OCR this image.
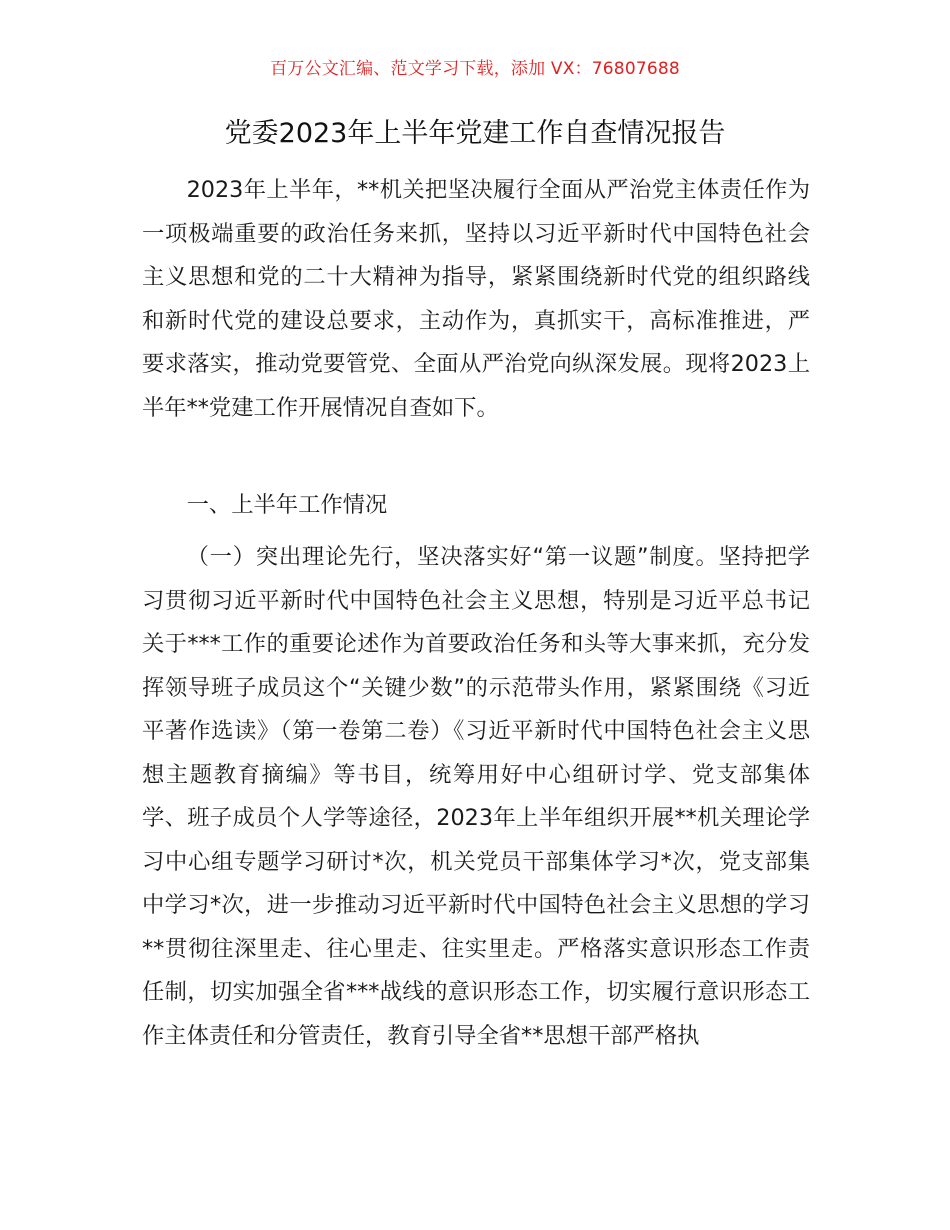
百万公文汇编、范文学习下载，添加 VX：76807688
党委2023年上半年党建工作自查情况报告

2023年上半年，**机关把坚决履行全面从严治党主体责任作为一项极端重要的政治任务来抓，坚持以习近平新时代中国特色社会主义思想和党的二十大精神为指导，紧紧围绕新时代党的组织路线和新时代党的建设总要求，主动作为，真抓实干，高标准推进，严要求落实，推动党要管党、全面从严治党向纵深发展。现将2023上半年**党建工作开展情况自查如下。

一、上半年工作情况

（一）突出理论先行，坚决落实好“第一议题”制度。坚持把学习贯彻习近平新时代中国特色社会主义思想，特别是习近平总书记关于***工作的重要论述作为首要政治任务和头等大事来抓，充分发挥领导班子成员这个“关键少数”的示范带头作用，紧紧围绕《习近平著作选读》（第一卷第二卷）《习近平新时代中国特色社会主义思想主题教育摘编》等书目，统筹用好中心组研讨学、党支部集体学、班子成员个人学等途径，2023年上半年组织开展**机关理论学习中心组专题学习研讨*次，机关党员干部集体学习*次，党支部集中学习*次，进一步推动习近平新时代中国特色社会主义思想的学习**贯彻往深里走、往心里走、往实里走。严格落实意识形态工作责任制，切实加强全省***战线的意识形态工作，切实履行意识形态工作主体责任和分管责任，教育引导全省**思想干部严格执
